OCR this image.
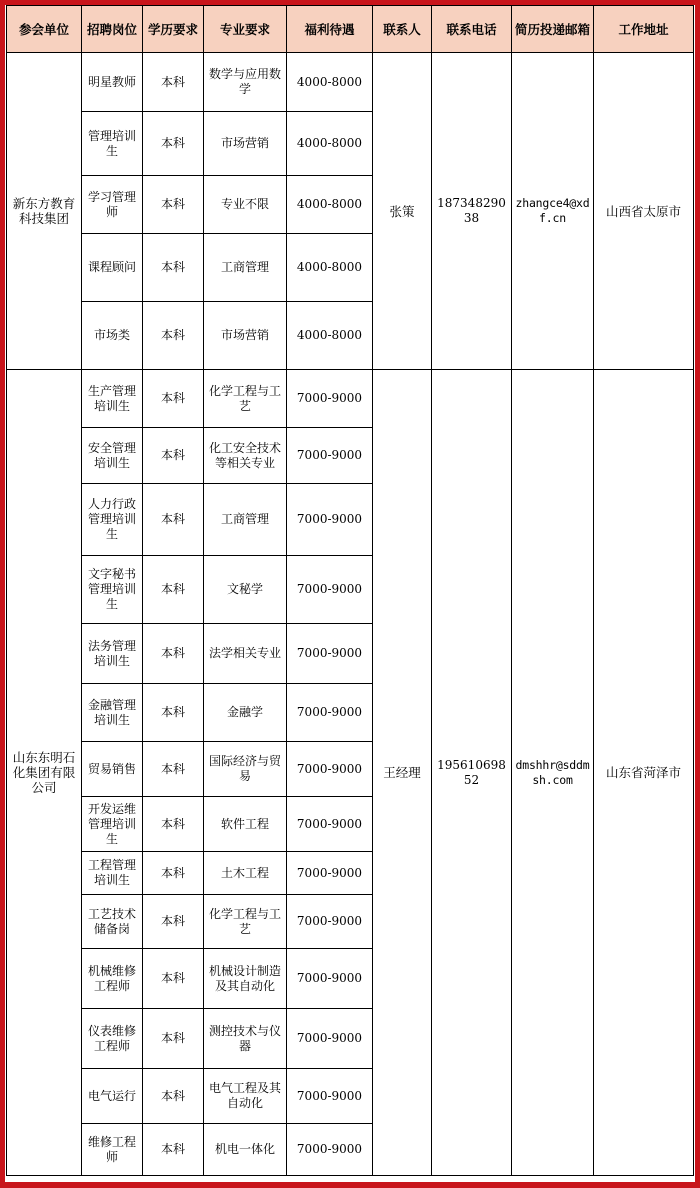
参会单位	招聘岗位	学历要求	专业要求	福利待遇	联系人	联系电话	简历投递邮箱	工作地址
新东方教育科技集团	明星教师	本科	数学与应用数学	4000-8000	张策	18734829038	zhangce4@xdf.cn	山西省太原市
	管理培训生	本科	市场营销	4000-8000				
	学习管理师	本科	专业不限	4000-8000				
	课程顾问	本科	工商管理	4000-8000				
	市场类	本科	市场营销	4000-8000				
山东东明石化集团有限公司	生产管理培训生	本科	化学工程与工艺	7000-9000	王经理	19561069852	dmshhr@sddmsh.com	山东省菏泽市
	安全管理培训生	本科	化工安全技术等相关专业	7000-9000				
	人力行政管理培训生	本科	工商管理	7000-9000				
	文字秘书管理培训生	本科	文秘学	7000-9000				
	法务管理培训生	本科	法学相关专业	7000-9000				
	金融管理培训生	本科	金融学	7000-9000				
	贸易销售	本科	国际经济与贸易	7000-9000				
	开发运维管理培训生	本科	软件工程	7000-9000				
	工程管理培训生	本科	土木工程	7000-9000				
	工艺技术储备岗	本科	化学工程与工艺	7000-9000				
	机械维修工程师	本科	机械设计制造及其自动化	7000-9000				
	仪表维修工程师	本科	测控技术与仪器	7000-9000				
	电气运行	本科	电气工程及其自动化	7000-9000				
	维修工程师	本科	机电一体化	7000-9000				
